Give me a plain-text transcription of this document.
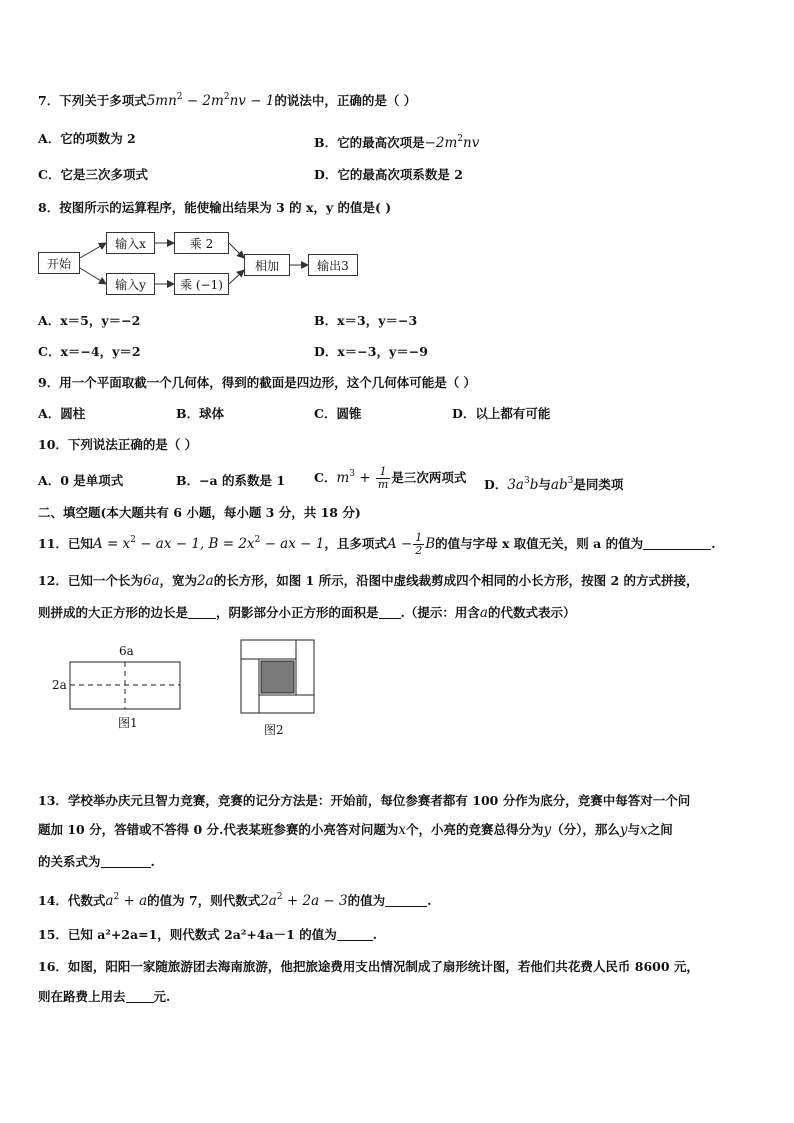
7．下列关于多项式$5mn^2 - 2m^2nv - 1$的说法中，正确的是（ ）
A．它的项数为 2	B．它的最高次项是$-2m^2nv$
C．它是三次多项式	D．它的最高次项系数是 2
8．按图所示的运算程序，能使输出结果为 3 的 x，y 的值是( )
开始
输入x	乘 2
输入y	乘 (−1)
相加	输出3
A．x＝5，y＝−2	B．x＝3，y＝−3
C．x＝−4，y＝2	D．x＝−3，y＝−9
9．用一个平面取截一个几何体，得到的截面是四边形，这个几何体可能是（ ）
A．圆柱	B．球体	C．圆锥	D．以上都有可能
10．下列说法正确的是（ ）
A．0 是单项式	B．−a 的系数是 1 C．$m^3 + \frac{1}{m}$ 是三次两项式 D．$3a^3b$与$ab^3$是同类项
二、填空题(本大题共有 6 小题，每小题 3 分，共 18 分)
11．已知$A = x^2$ − ax − 1, $B = 2x^2$ − ax − 1，且多项式$A - \frac{1}{2}$ B的值与字母 x 取值无关，则 a 的值为	.
12．已知一个长为6a，宽为2a的长方形，如图 1 所示，沿图中虚线裁剪成四个相同的小长方形，按图 2 的方式拼接，
则拼成的大正方形的边长是 ，阴影部分小正方形的面积是 .（提示：用含a的代数式表示）
6a
2a
图1	图2
13．学校举办庆元旦智力竞赛，竞赛的记分方法是：开始前，每位参赛者都有 100 分作为底分，竞赛中每答对一个问
题加 10 分，答错或不答得 0 分.代表某班参赛的小亮答对问题为x个，小亮的竞赛总得分为y（分），那么y与x之间
的关系式为	.
14．代数式$a^2 + a$的值为 7，则代数式$2a^2 + 2a - 3$的值为	.
15．已知 a²+2a=1，则代数式 2a²+4a－1 的值为	.
16．如图，阳阳一家随旅游团去海南旅游，他把旅途费用支出情况制成了扇形统计图，若他们共花费人民币 8600 元，
则在路费上用去 元.
